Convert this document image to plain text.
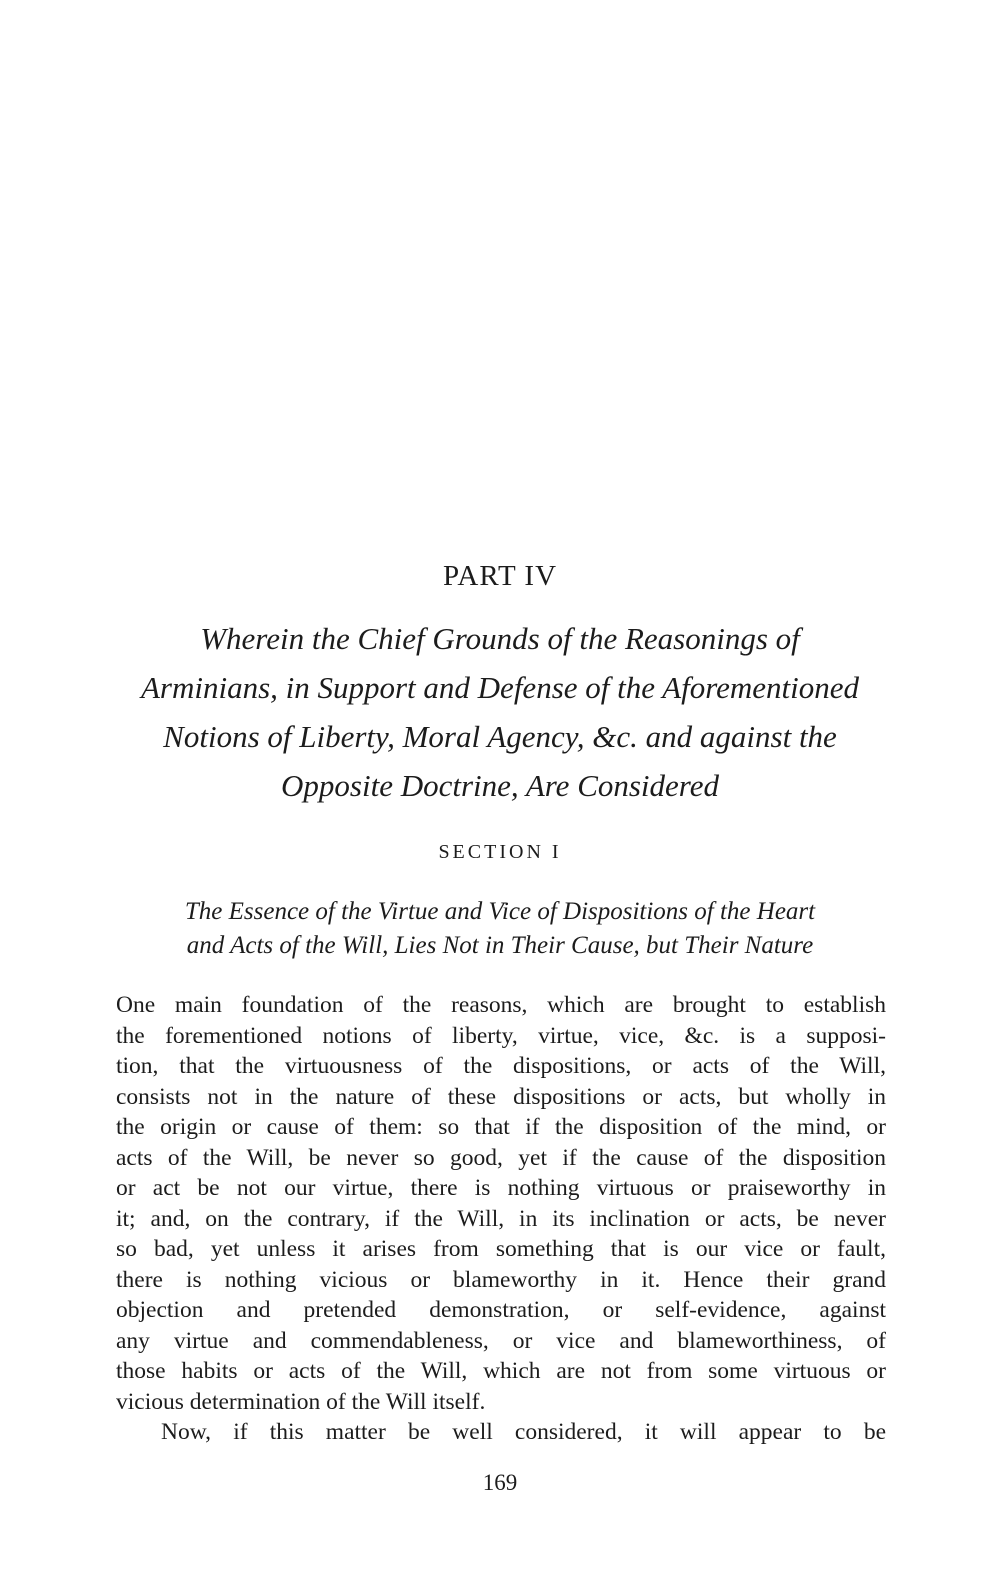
PART IV
Wherein the Chief Grounds of the Reasonings of
Arminians, in Support and Defense of the Aforementioned
Notions of Liberty, Moral Agency, &c. and against the
Opposite Doctrine, Are Considered
SECTION I
The Essence of the Virtue and Vice of Dispositions of the Heart
and Acts of the Will, Lies Not in Their Cause, but Their Nature
One main foundation of the reasons, which are brought to establish
the forementioned notions of liberty, virtue, vice, &c. is a supposi-
tion, that the virtuousness of the dispositions, or acts of the Will,
consists not in the nature of these dispositions or acts, but wholly in
the origin or cause of them: so that if the disposition of the mind, or
acts of the Will, be never so good, yet if the cause of the disposition
or act be not our virtue, there is nothing virtuous or praiseworthy in
it; and, on the contrary, if the Will, in its inclination or acts, be never
so bad, yet unless it arises from something that is our vice or fault,
there is nothing vicious or blameworthy in it. Hence their grand
objection and pretended demonstration, or self-evidence, against
any virtue and commendableness, or vice and blameworthiness, of
those habits or acts of the Will, which are not from some virtuous or
vicious determination of the Will itself.
Now, if this matter be well considered, it will appear to be
169
